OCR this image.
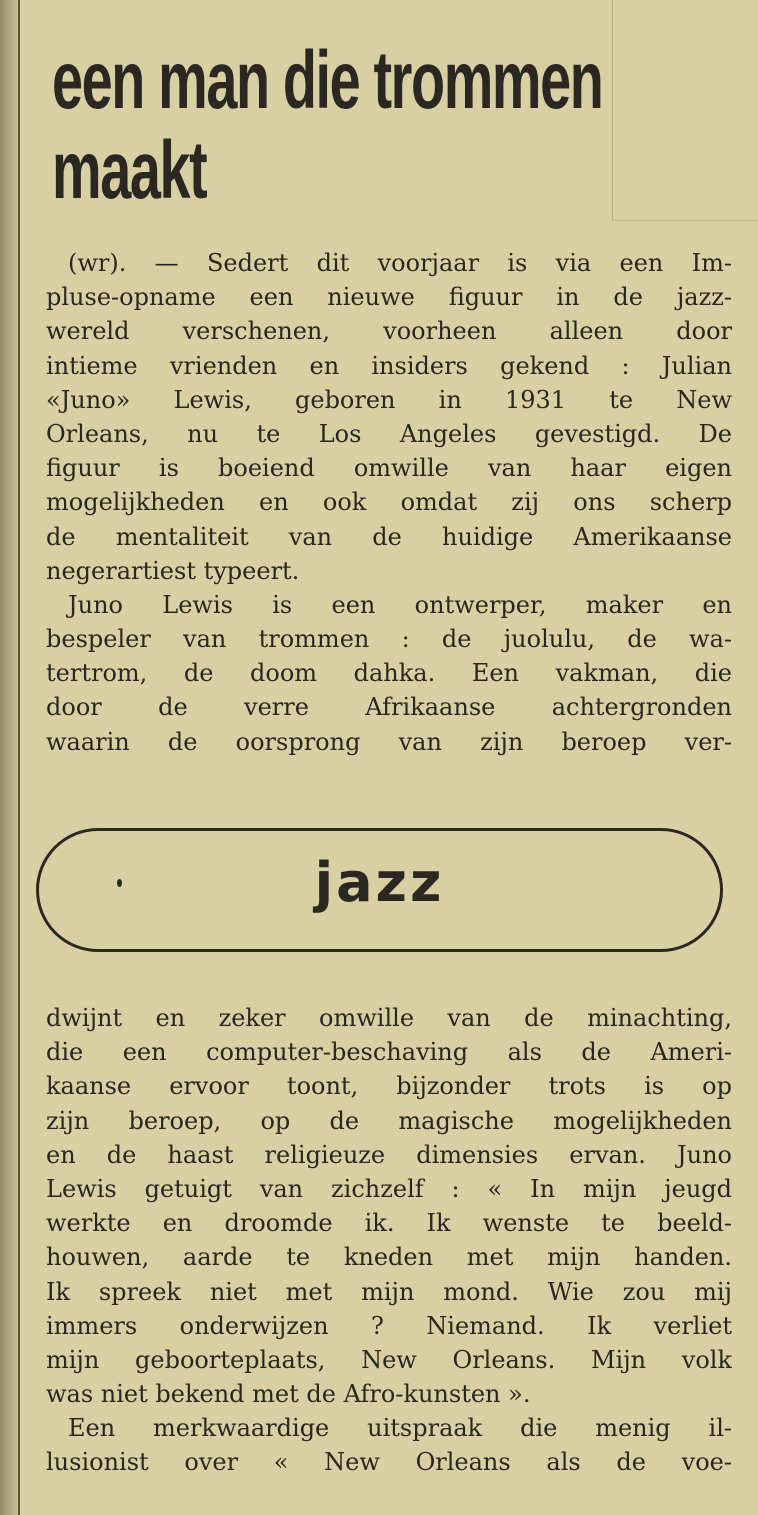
een man die trommen
maakt
(wr). — Sedert dit voorjaar is via een Im-
pluse-opname een nieuwe figuur in de jazz-
wereld verschenen, voorheen alleen door
intieme vrienden en insiders gekend : Julian
«Juno» Lewis, geboren in 1931 te New
Orleans, nu te Los Angeles gevestigd. De
figuur is boeiend omwille van haar eigen
mogelijkheden en ook omdat zij ons scherp
de mentaliteit van de huidige Amerikaanse
negerartiest typeert.
Juno Lewis is een ontwerper, maker en
bespeler van trommen : de juolulu, de wa-
tertrom, de doom dahka. Een vakman, die
door de verre Afrikaanse achtergronden
waarin de oorsprong van zijn beroep ver-
jazz
dwijnt en zeker omwille van de minachting,
die een computer-beschaving als de Ameri-
kaanse ervoor toont, bijzonder trots is op
zijn beroep, op de magische mogelijkheden
en de haast religieuze dimensies ervan. Juno
Lewis getuigt van zichzelf : « In mijn jeugd
werkte en droomde ik. Ik wenste te beeld-
houwen, aarde te kneden met mijn handen.
Ik spreek niet met mijn mond. Wie zou mij
immers onderwijzen ? Niemand. Ik verliet
mijn geboorteplaats, New Orleans. Mijn volk
was niet bekend met de Afro-kunsten ».
Een merkwaardige uitspraak die menig il-
lusionist over « New Orleans als de voe-
